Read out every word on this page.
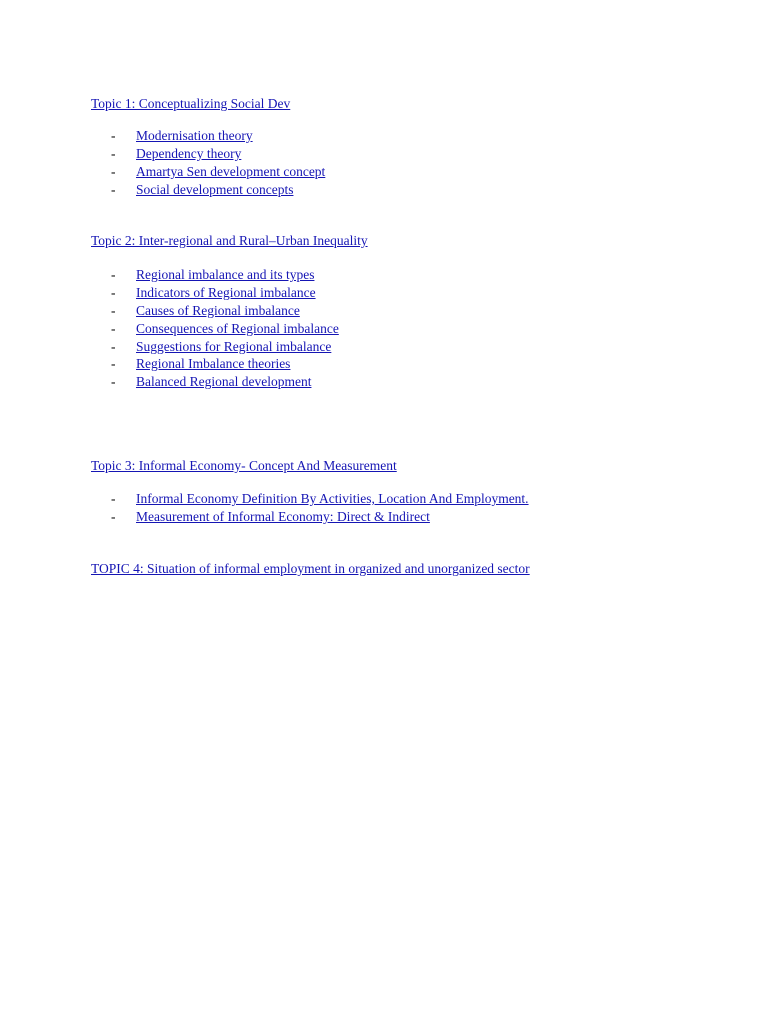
Topic 1: Conceptualizing Social Dev
- Modernisation theory
- Dependency theory
- Amartya Sen development concept
- Social development concepts
Topic 2: Inter-regional and Rural–Urban Inequality
- Regional imbalance and its types
- Indicators of Regional imbalance
- Causes of Regional imbalance
- Consequences of Regional imbalance
- Suggestions for Regional imbalance
- Regional Imbalance theories
- Balanced Regional development
Topic 3: Informal Economy- Concept And Measurement
- Informal Economy Definition By Activities, Location And Employment.
- Measurement of Informal Economy: Direct & Indirect
TOPIC 4: Situation of informal employment in organized and unorganized sector
